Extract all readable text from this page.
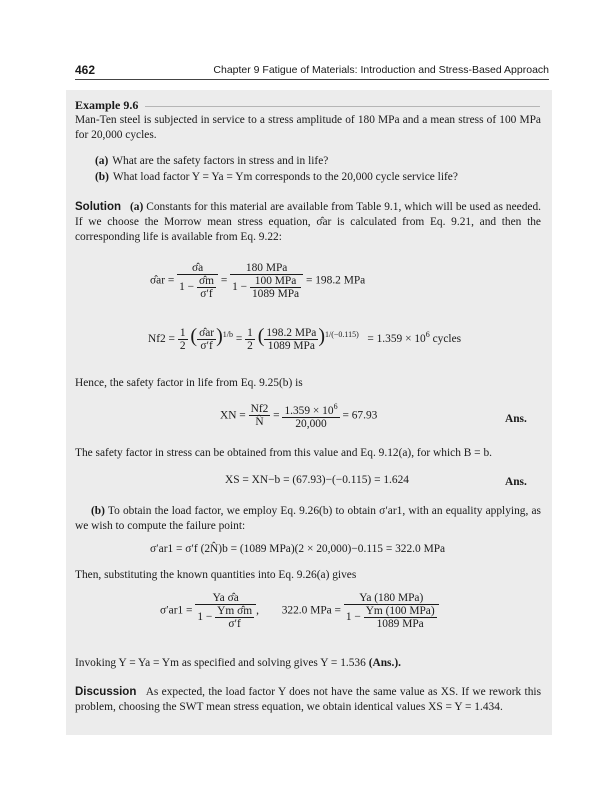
462	Chapter 9 Fatigue of Materials: Introduction and Stress-Based Approach
Example 9.6
Man-Ten steel is subjected in service to a stress amplitude of 180 MPa and a mean stress of 100 MPa for 20,000 cycles.
(a) What are the safety factors in stress and in life?
(b) What load factor Y = Ya = Ym corresponds to the 20,000 cycle service life?
Solution (a) Constants for this material are available from Table 9.1, which will be used as needed. If we choose the Morrow mean stress equation, σ̂ar is calculated from Eq. 9.21, and then the corresponding life is available from Eq. 9.22:
σ̂ar = $\frac{\sigmâa}{1 - \frac{\sigmâm}{\sigma'f}} = \frac{\text{180 MPa}}{1 - \frac{\text{100 MPa}}{\text{1089 MPa}}} = 198.2$ MPa
$Nf2 = \frac{1}{2}$ ( $\frac{\sigmâar}{\sigma'f} )^{1/b} = \frac{1}{2}$ ( $\frac{\text{198.2 MPa}}{\text{1089 MPa}} )^{1/(-0.115)} = 1.359 \times 10^6$ cycles
Hence, the safety factor in life from Eq. 9.25(b) is
XN = $\frac{Nf2}{N̂} = \frac{1.359 \times 10^6}{20,000} = 67.93$	Ans.
The safety factor in stress can be obtained from this value and Eq. 9.12(a), for which B = b.
XS = XN−b = (67.93)−(−0.115) = 1.624	Ans.
(b) To obtain the load factor, we employ Eq. 9.26(b) to obtain σ′ar1, with an equality applying, as we wish to compute the failure point:
σ′ar1 = σ′f (2N̂)b = (1089 MPa)(2 × 20,000)−0.115 = 322.0 MPa
Then, substituting the known quantities into Eq. 9.26(a) gives
$\sigma'ar1 = \frac{\text{Ya σ̂a}}{1 - \frac{\text{Ym σ̂m}}{\sigma'f}}$ ,        322.0 MPa = $\frac{\text{Ya (180 MPa)}}{1 - \frac{\text{Ym (100 MPa)}}{\text{1089 MPa}}}$
Invoking Y = Ya = Ym as specified and solving gives Y = 1.536 (Ans.).
Discussion As expected, the load factor Y does not have the same value as XS. If we rework this problem, choosing the SWT mean stress equation, we obtain identical values XS = Y = 1.434.
